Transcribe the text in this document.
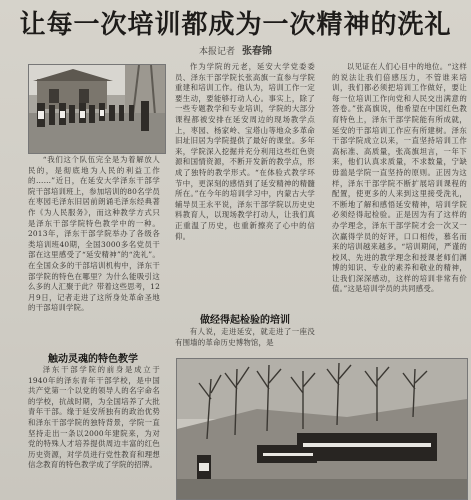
让每一次培训都成为一次精神的洗礼
本报记者 张春锦

“我们这个队伍完全是为着解放人民的，是彻底地为人民的利益工作的……”近日，在延安大学泽东干部学院干部培训班上，参加培训的80名学员在枣园毛泽东旧居前朗诵毛泽东经典著作《为人民服务》，而这种教学方式只是泽东干部学院特色教学中的一种。2013年，泽东干部学院举办了各级各类培训班40期，全国3000多名党员干部在这里感受了“延安精神”的“洗礼”。在全国众多的干部培训机构中，泽东干部学院的特色在哪里？为什么能吸引这么多的人汇聚于此？带着这些思考，12月9日，记者走进了这所身处革命圣地的干部培训学院。

触动灵魂的特色教学

泽东干部学院的前身是成立于1940年的泽东青年干部学校，是中国共产党第一个以党的领导人的名字命名的学校，抗战时期，为全国培养了大批青年干部。缘于延安所独有的政治优势和泽东干部学院的独特背景，学院一直坚持走出一条以2000年建院来，为对党的特殊人才培养提供周边丰富的红色历史资源，对学员进行党性教育和理想信念教育的特色教学成了学院的招牌。

作为学院的元老，延安大学党委委员、泽东干部学院长张高旗一直参与学院重建和培训工作。他认为，培训工作一定要生动，要能够打动人心。事实上，除了一些专题教学和专业培训，学院的大部分课程都被安排在延安周边的现场教学点上，枣园、杨家岭、宝塔山等地众多革命旧址旧居为学院提供了最好的课堂。多年来，学院深入挖掘并充分利用这些红色资源和国情资源，不断开发新的教学点，形成了独特的教学形式。“在体验式教学环节中，更深刻的感悟到了延安精神的精髓所在。”在今年的培训学习中，内蒙古大学辅导员王永平说，泽东干部学院以历史史料教育人，以现场教学打动人，让我们真正重温了历史，也重新擦亮了心中的信仰。

做经得起检验的培训

有人说，走进延安，就走进了一座没有围墙的革命历史博物馆，是

以见证在人们心目中的地位。“这样的说法让我们倍感压力，不管谁来培训，我们都必须把培训工作做好，要让每一位培训工作向党和人民交出满意的答卷。”张高旗说，他希望在中国红色教育特色上，泽东干部学院能有所成就，延安的干部培训工作应有所建树。泽东干部学院成立以来，一直坚持培训工作高标准、高质量，张高旗坦言，一年下来，他们认真求质量，不求数量，宁缺毋滥是学院一直坚持的原则。正因为这样，泽东干部学院不断扩展培训课程的配置，使更多的人来到这里接受洗礼，不断地了解和感悟延安精神，培训学院必须经得起检验。正是因为有了这样的办学理念，泽东干部学院才会一次又一次赢得学员的好评，口口相传，慕名而来的培训越来越多。“培训期间，严谨的校风、先进的教学理念和授课老师们渊博的知识、专业的素养和敬业的精神，让我们深深感动，这样的培训非常有价值。”这是培训学员的共同感受。
